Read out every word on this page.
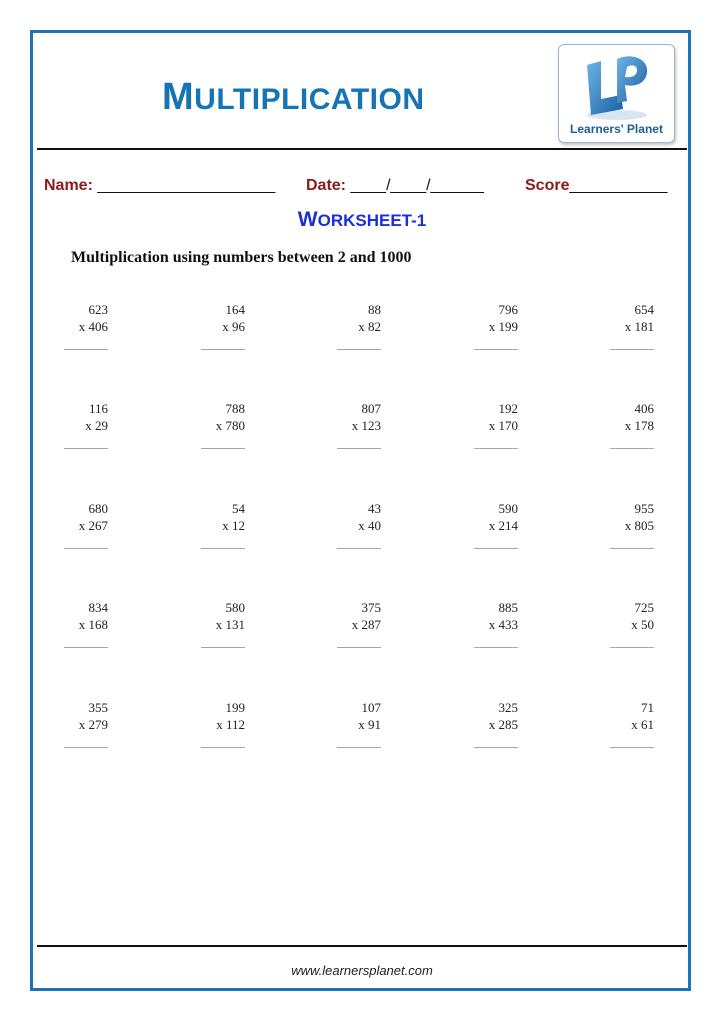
MULTIPLICATION
Learners' Planet
Name: ____________________ Date: ____/____/______	Score___________
WORKSHEET-1
Multiplication using numbers between 2 and 1000
623
x 406
164
x 96
88
x 82
796
x 199
654
x 181
116
x 29
788
x 780
807
x 123
192
x 170
406
x 178
680
x 267
54
x 12
43
x 40
590
x 214
955
x 805
834
x 168
580
x 131
375
x 287
885
x 433
725
x 50
355
x 279
199
x 112
107
x 91
325
x 285
71
x 61
www.learnersplanet.com
